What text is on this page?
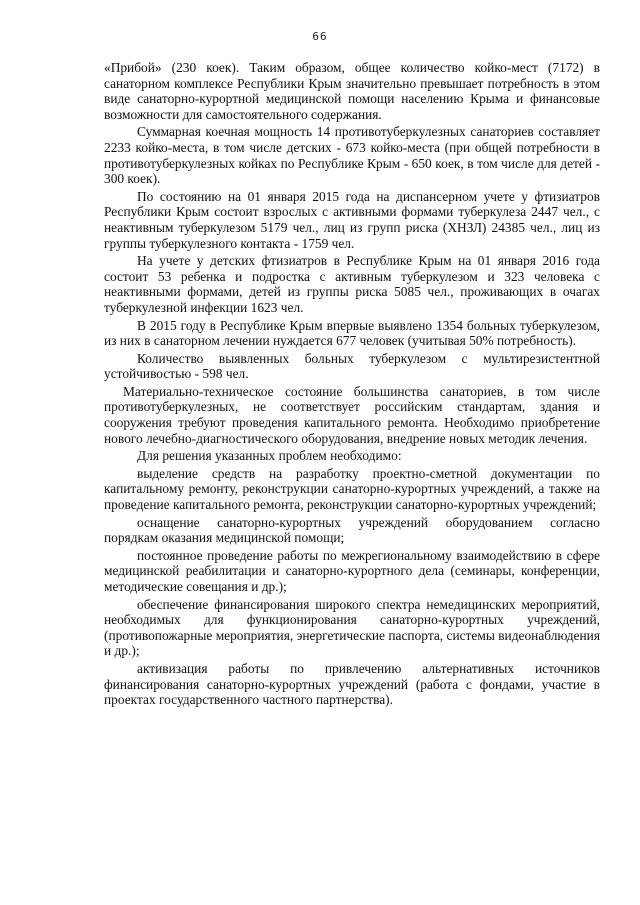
66

«Прибой» (230 коек). Таким образом, общее количество койко-мест (7172) в санаторном комплексе Республики Крым значительно превышает потребность в этом виде санаторно-курортной медицинской помощи населению Крыма и финансовые возможности для самостоятельного содержания.

Суммарная коечная мощность 14 противотуберкулезных санаториев составляет 2233 койко-места, в том числе детских - 673 койко-места (при общей потребности в противотуберкулезных койках по Республике Крым - 650 коек, в том числе для детей - 300 коек).

По состоянию на 01 января 2015 года на диспансерном учете у фтизиатров Республики Крым состоит взрослых с активными формами туберкулеза 2447 чел., с неактивным туберкулезом 5179 чел., лиц из групп риска (ХНЗЛ) 24385 чел., лиц из группы туберкулезного контакта - 1759 чел.

На учете у детских фтизиатров в Республике Крым на 01 января 2016 года состоит 53 ребенка и подростка с активным туберкулезом и 323 человека с неактивными формами, детей из группы риска 5085 чел., проживающих в очагах туберкулезной инфекции 1623 чел.

В 2015 году в Республике Крым впервые выявлено 1354 больных туберкулезом, из них в санаторном лечении нуждается 677 человек (учитывая 50% потребность).

Количество выявленных больных туберкулезом с мультирезистентной устойчивостью - 598 чел.

Материально-техническое состояние большинства санаториев, в том числе противотуберкулезных, не соответствует российским стандартам, здания и сооружения требуют проведения капитального ремонта. Необходимо приобретение нового лечебно-диагностического оборудования, внедрение новых методик лечения.

Для решения указанных проблем необходимо:

выделение средств на разработку проектно-сметной документации по капитальному ремонту, реконструкции санаторно-курортных учреждений, а также на проведение капитального ремонта, реконструкции санаторно-курортных учреждений;

оснащение санаторно-курортных учреждений оборудованием согласно порядкам оказания медицинской помощи;

постоянное проведение работы по межрегиональному взаимодействию в сфере медицинской реабилитации и санаторно-курортного дела (семинары, конференции, методические совещания и др.);

обеспечение финансирования широкого спектра немедицинских мероприятий, необходимых для функционирования санаторно-курортных учреждений, (противопожарные мероприятия, энергетические паспорта, системы видеонаблюдения и др.);

активизация работы по привлечению альтернативных источников финансирования санаторно-курортных учреждений (работа с фондами, участие в проектах государственного частного партнерства).
